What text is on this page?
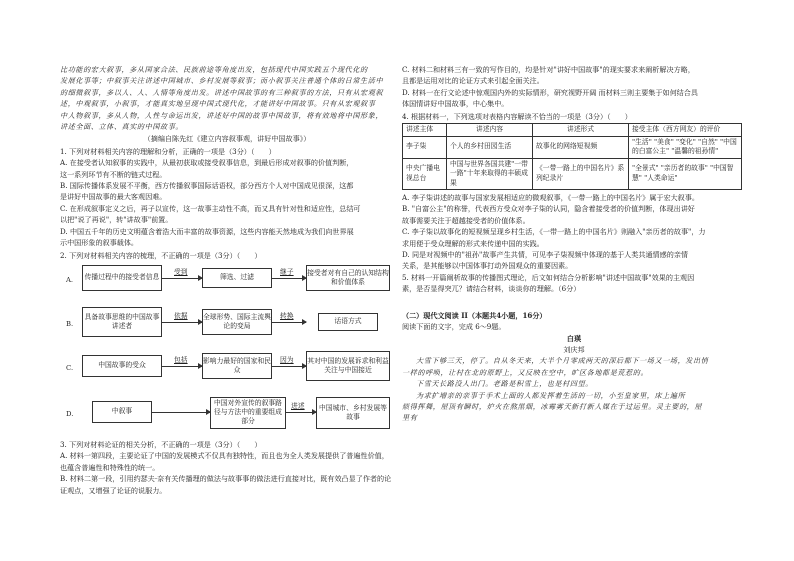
比功能的宏大叙事，多从国家合法、民族前途等角度出发，包括现代中国实践五个现代化的
发展化事等；中叙事关注讲述中国城市、乡村发展等叙事；而小叙事关注普通个体的日常生活中
的细微叙事，多以人、人、人情等角度出发。讲述中国故事的有三种叙事的方法，只有从宏观叙
述，中观叙事，小叙事，才能真实地呈现中国式现代化，才能讲好中国故事。只有从宏观叙事
中人物叙事，多从人物，人性与命运出发，讲述好中国的故事中国故事，将有效地将中国形象，
讲述全面、立体、真实的中国故事。
（摘编自陈先红《建立内容叙事观，讲好中国故事》）
1. 下列对材料相关内容的理解和分析，正确的一项是（3分）（　　）
A. 在接受者认知叙事的实践中，从最初获取或接受叙事信息，到最后形成对叙事的价值判断，
这一系列环节有不断的链式过程。
B. 国际传播体系发展不平衡，西方传播叙事国际话语权，部分西方个人对中国成见很深，这都
是讲好中国故事的最大客观因难。
C. 在形成叙事定义之后，再子以宣传，这一故事主动性不高，而又具有针对性和适应性，总结可
以把"说了再说"，转"讲故事"前置。
D. 中国五千年的历史文明蕴含着浩大而丰富的故事资源，这些内容能天然地成为我们向世界展
示中国形象的叙事载体。
2. 下列对材料相关内容的梳理，不正确的一项是（3分）（　　）
A.	传播过程中的接受者信息
受到
筛选、过滤
继子 接受者对有自己的认知结构和价值体系
B.
具备故事思维的中国故事讲述者
依据 全球形势、国际主流舆论的变局
转换
话语方式
C.	中国故事的受众
包括 影响力最好的国家和民众
因为 其对中国的发展诉求和利益关注与中国接近
D.	中叙事
中国对外宣传的叙事路径与方法中的重要组成部分
进述	中国城市、乡村发展等故事
3. 下列对材料论证的相关分析，不正确的一项是（3分）（　　）
A. 材料一第四段，主要论证了中国的发展模式不仅具有独特性，而且也为全人类发展提供了普遍性价值，
也蕴含普遍性和特殊性的统一。
B. 材料二第一段，引用约瑟夫·奈有关传播理的做法与故事事的做法进行直接对比，既有效凸显了作者的论
证观点，又增强了论证的说服力。
C. 材料二和材料三有一致的写作目的，均是针对"讲好中国故事"的现实要求来阐析解决方略，
且都是运用对比的论证方式来引起全面关注。
D. 材料一在行文论述中惊观国内外的实际情形，研究视野开阔 而材料三则主要集于如何结合具
体国情讲好中国故事，中心集中。
4. 根据材料一，下列选项对表格内容解读不恰当的一项是（3分）（　　）
讲述主体	讲述内容	讲述形式	接受主体（西方网友）的评价
李子柒	个人的乡村田园生活	故事化的网络短视频	"生活" "美食" "变化" "自然" "中国的白富公主" "温馨的祖孙情"
中央广播电视总台	中国与世界各国共建"一带一路"十年来取得的丰硕成果	《一带一路上的中国名片》系列纪录片	"全景式" "亲历者的故事" "中国智慧" "人类命运"
A. 李子柒讲述的故事与国家发展相适应的微观叙事，《一带一路上的中国名片》属于宏大叙事。
B. "自富公主"的称誉，代表西方受众对李子柒的认同，隐含着接受者的价值判断，体现出讲好
故事需要关注于超越接受者的价值体系。
C. 李子柒以故事化的短视频呈现乡村生活，《一带一路上的中国名片》则融入"亲历者的故事"，力
求用便于受众理解的形式来传递中国的实践。
D. 同是对视频中的"祖孙"故事产生共情，可见李子柒视频中体现的基于人类共通情感的亲情
关系，是其能够以中国体事打动外国观众的重要因素。
5. 材料一开篇阐析故事的传播图式理论，后文如何结合分析影响"讲述中国故事"效果的主观因
素，是否显得突兀？请结合材料，谈谈你的理解。（6分）
（二）现代文阅读 II（本题共4小题，16分）
阅读下面的文字，完成 6～9题。
白瑛
刘庆邦
大雪下够三天，停了。自从冬天来，大半个月零成两天的深后都下一场又一场，发出悄
一样的呼唤，让村在北的原野上，又反映在空中，旷区各地都是荒惹的。
下雪天长路没人出门。老路是积雪上，也是村四望。
为求扩增亲的亲事于手术上面的人都发挥着生活的一切，小至皇家里，床上遍所
烦得挥舞，屋顶有瞬时，炉火在熬黑烟，冰霉雾天新打新人媒在于过运里。灵主要的，屋
里有
